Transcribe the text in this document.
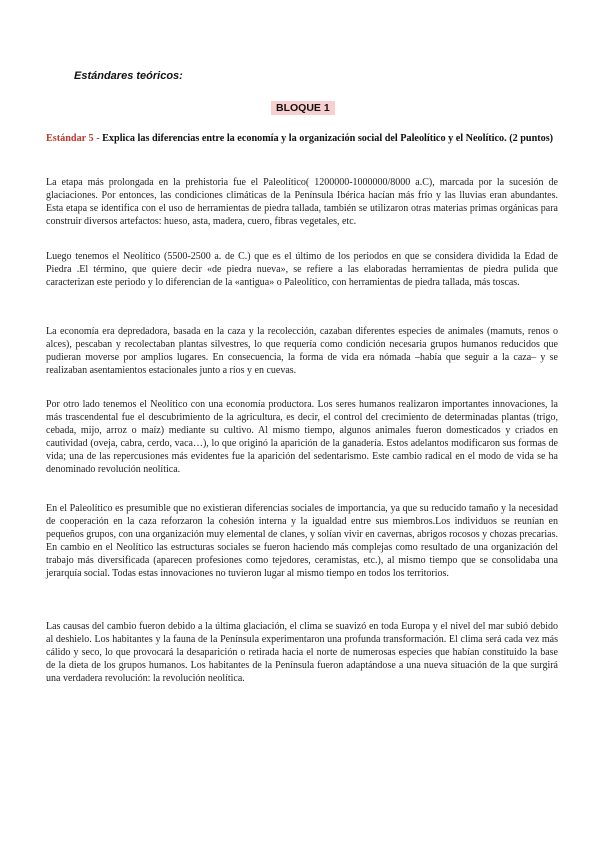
Estándares teóricos:
BLOQUE 1
Estándar 5 - Explica las diferencias entre la economía y la organización social del Paleolítico y el Neolítico. (2 puntos)

La etapa más prolongada en la prehistoria fue el Paleolítico( 1200000-1000000/8000 a.C), marcada por la sucesión de glaciaciones. Por entonces, las condiciones climáticas de la Península Ibérica hacían más frío y las lluvias eran abundantes. Esta etapa se identifica con el uso de herramientas de piedra tallada, también se utilizaron otras materias primas orgánicas para construir diversos artefactos: hueso, asta, madera, cuero, fibras vegetales, etc.

Luego tenemos el Neolítico (5500-2500 a. de C.) que es el último de los periodos en que se considera dividida la Edad de Piedra .El término, que quiere decir «de piedra nueva», se refiere a las elaboradas herramientas de piedra pulida que caracterizan este periodo y lo diferencian de la «antigua» o Paleolítico, con herramientas de piedra tallada, más toscas.

La economía era depredadora, basada en la caza y la recolección, cazaban diferentes especies de animales (mamuts, renos o alces), pescaban y recolectaban plantas silvestres, lo que requería como condición necesaria grupos humanos reducidos que pudieran moverse por amplios lugares. En consecuencia, la forma de vida era nómada –había que seguir a la caza– y se realizaban asentamientos estacionales junto a ríos y en cuevas.

Por otro lado tenemos el Neolítico con una economía productora. Los seres humanos realizaron importantes innovaciones, la más trascendental fue el descubrimiento de la agricultura, es decir, el control del crecimiento de determinadas plantas (trigo, cebada, mijo, arroz o maíz) mediante su cultivo. Al mismo tiempo, algunos animales fueron domesticados y criados en cautividad (oveja, cabra, cerdo, vaca…), lo que originó la aparición de la ganadería. Estos adelantos modificaron sus formas de vida; una de las repercusiones más evidentes fue la aparición del sedentarismo. Este cambio radical en el modo de vida se ha denominado revolución neolítica.

En el Paleolítico es presumible que no existieran diferencias sociales de importancia, ya que su reducido tamaño y la necesidad de cooperación en la caza reforzaron la cohesión interna y la igualdad entre sus miembros.Los individuos se reunían en pequeños grupos, con una organización muy elemental de clanes, y solían vivir en cavernas, abrigos rocosos y chozas precarias. En cambio en el Neolítico las estructuras sociales se fueron haciendo más complejas como resultado de una organización del trabajo más diversificada (aparecen profesiones como tejedores, ceramistas, etc.), al mismo tiempo que se consolidaba una jerarquía social. Todas estas innovaciones no tuvieron lugar al mismo tiempo en todos los territorios.

Las causas del cambio fueron debido a la última glaciación, el clima se suavizó en toda Europa y el nivel del mar subió debido al deshielo. Los habitantes y la fauna de la Península experimentaron una profunda transformación. El clima será cada vez más cálido y seco, lo que provocará la desaparición o retirada hacia el norte de numerosas especies que habían constituido la base de la dieta de los grupos humanos. Los habitantes de la Península fueron adaptándose a una nueva situación de la que surgirá una verdadera revolución: la revolución neolítica.
